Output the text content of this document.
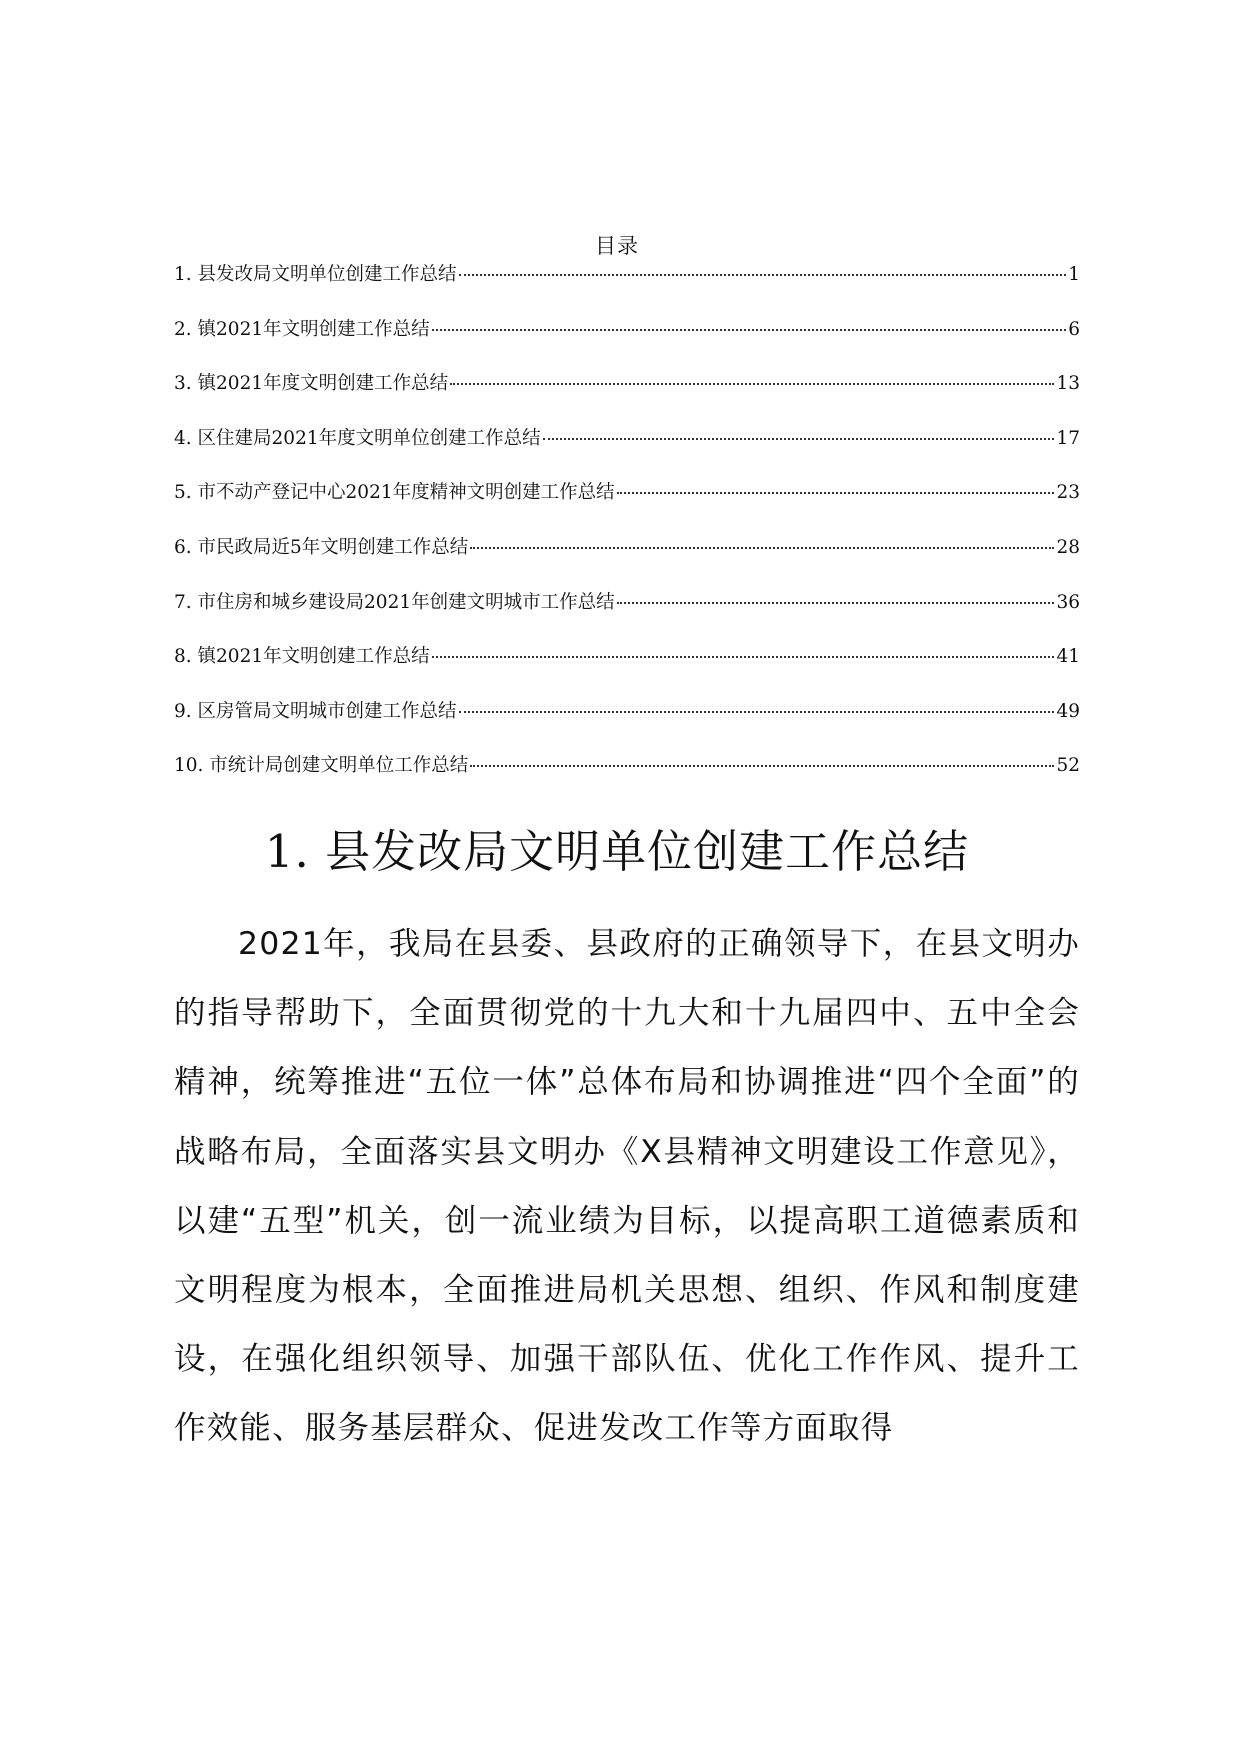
目录
1. 县发改局文明单位创建工作总结	1
2. 镇2021年文明创建工作总结	6
3. 镇2021年度文明创建工作总结	13
4. 区住建局2021年度文明单位创建工作总结	17
5. 市不动产登记中心2021年度精神文明创建工作总结	23
6. 市民政局近5年文明创建工作总结	28
7. 市住房和城乡建设局2021年创建文明城市工作总结	36
8. 镇2021年文明创建工作总结	41
9. 区房管局文明城市创建工作总结	49
10. 市统计局创建文明单位工作总结	52
1. 县发改局文明单位创建工作总结

2021年，我局在县委、县政府的正确领导下，在县文明办的指导帮助下，全面贯彻党的十九大和十九届四中、五中全会精神，统筹推进“五位一体”总体布局和协调推进“四个全面”的战略布局，全面落实县文明办《X县精神文明建设工作意见》，以建“五型”机关，创一流业绩为目标，以提高职工道德素质和文明程度为根本，全面推进局机关思想、组织、作风和制度建设，在强化组织领导、加强干部队伍、优化工作作风、提升工作效能、服务基层群众、促进发改工作等方面取得
